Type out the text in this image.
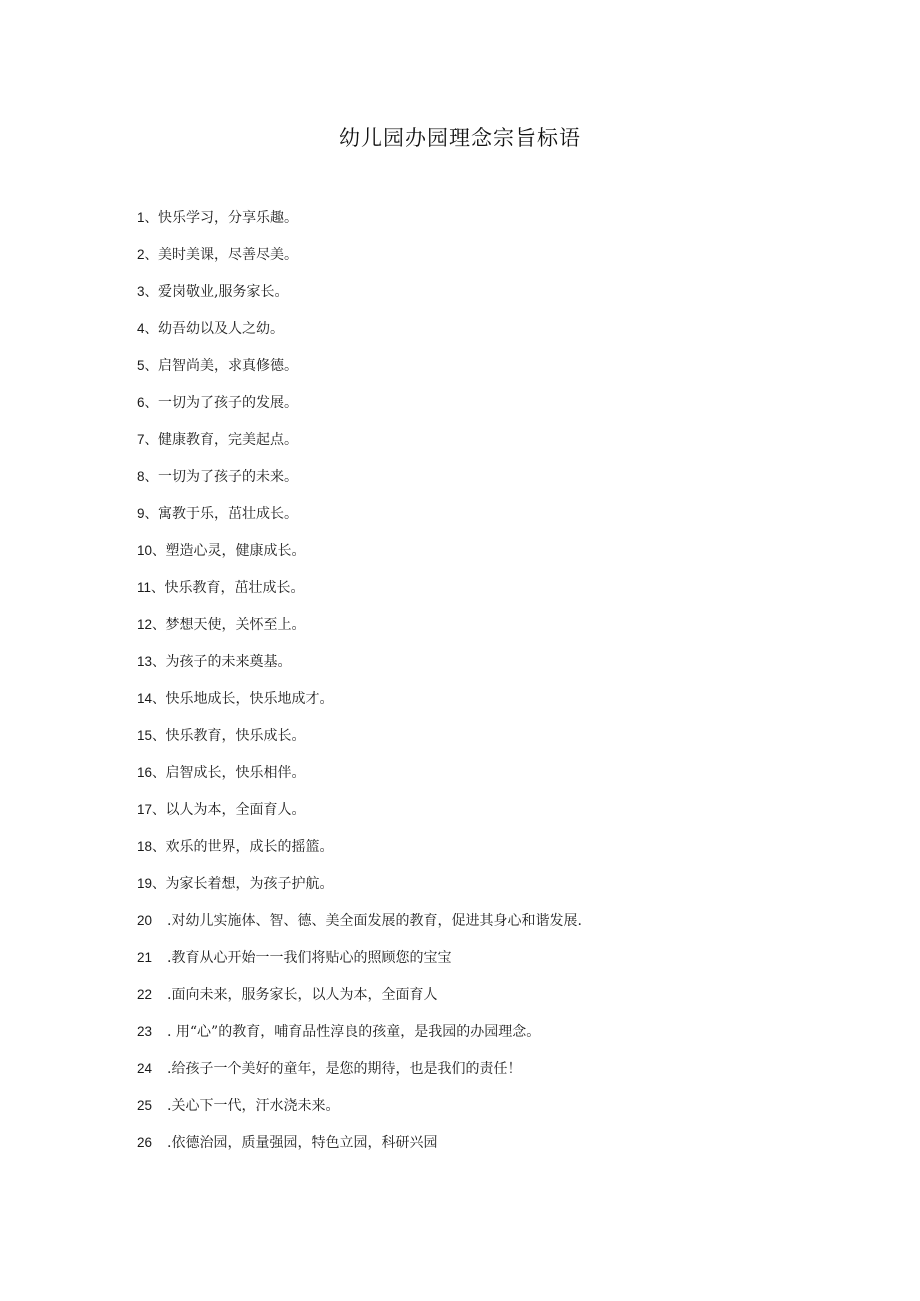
幼儿园办园理念宗旨标语
1、 快乐学习，分享乐趣。
2、 美时美课，尽善尽美。
3、 爱岗敬业,服务家长。
4、 幼吾幼以及人之幼。
5、 启智尚美，求真修德。
6、 一切为了孩子的发展。
7、 健康教育，完美起点。
8、 一切为了孩子的未来。
9、 寓教于乐，茁壮成长。
10、 塑造心灵，健康成长。
11、 快乐教育，茁壮成长。
12、 梦想天使，关怀至上。
13、 为孩子的未来奠基。
14、 快乐地成长，快乐地成才。
15、 快乐教育，快乐成长。
16、 启智成长，快乐相伴。
17、 以人为本，全面育人。
18、 欢乐的世界，成长的摇篮。
19、 为家长着想，为孩子护航。
20	.对幼儿实施体、智、德、美全面发展的教育，促进其身心和谐发展.
21	.教育从心开始一一我们将贴心的照顾您的宝宝
22	.面向未来，服务家长，以人为本，全面育人
23	. 用“心”的教育，哺育品性淳良的孩童，是我园的办园理念。
24	.给孩子一个美好的童年，是您的期待，也是我们的责任！
25	.关心下一代，汗水浇未来。
26	.依德治园，质量强园，特色立园，科研兴园
